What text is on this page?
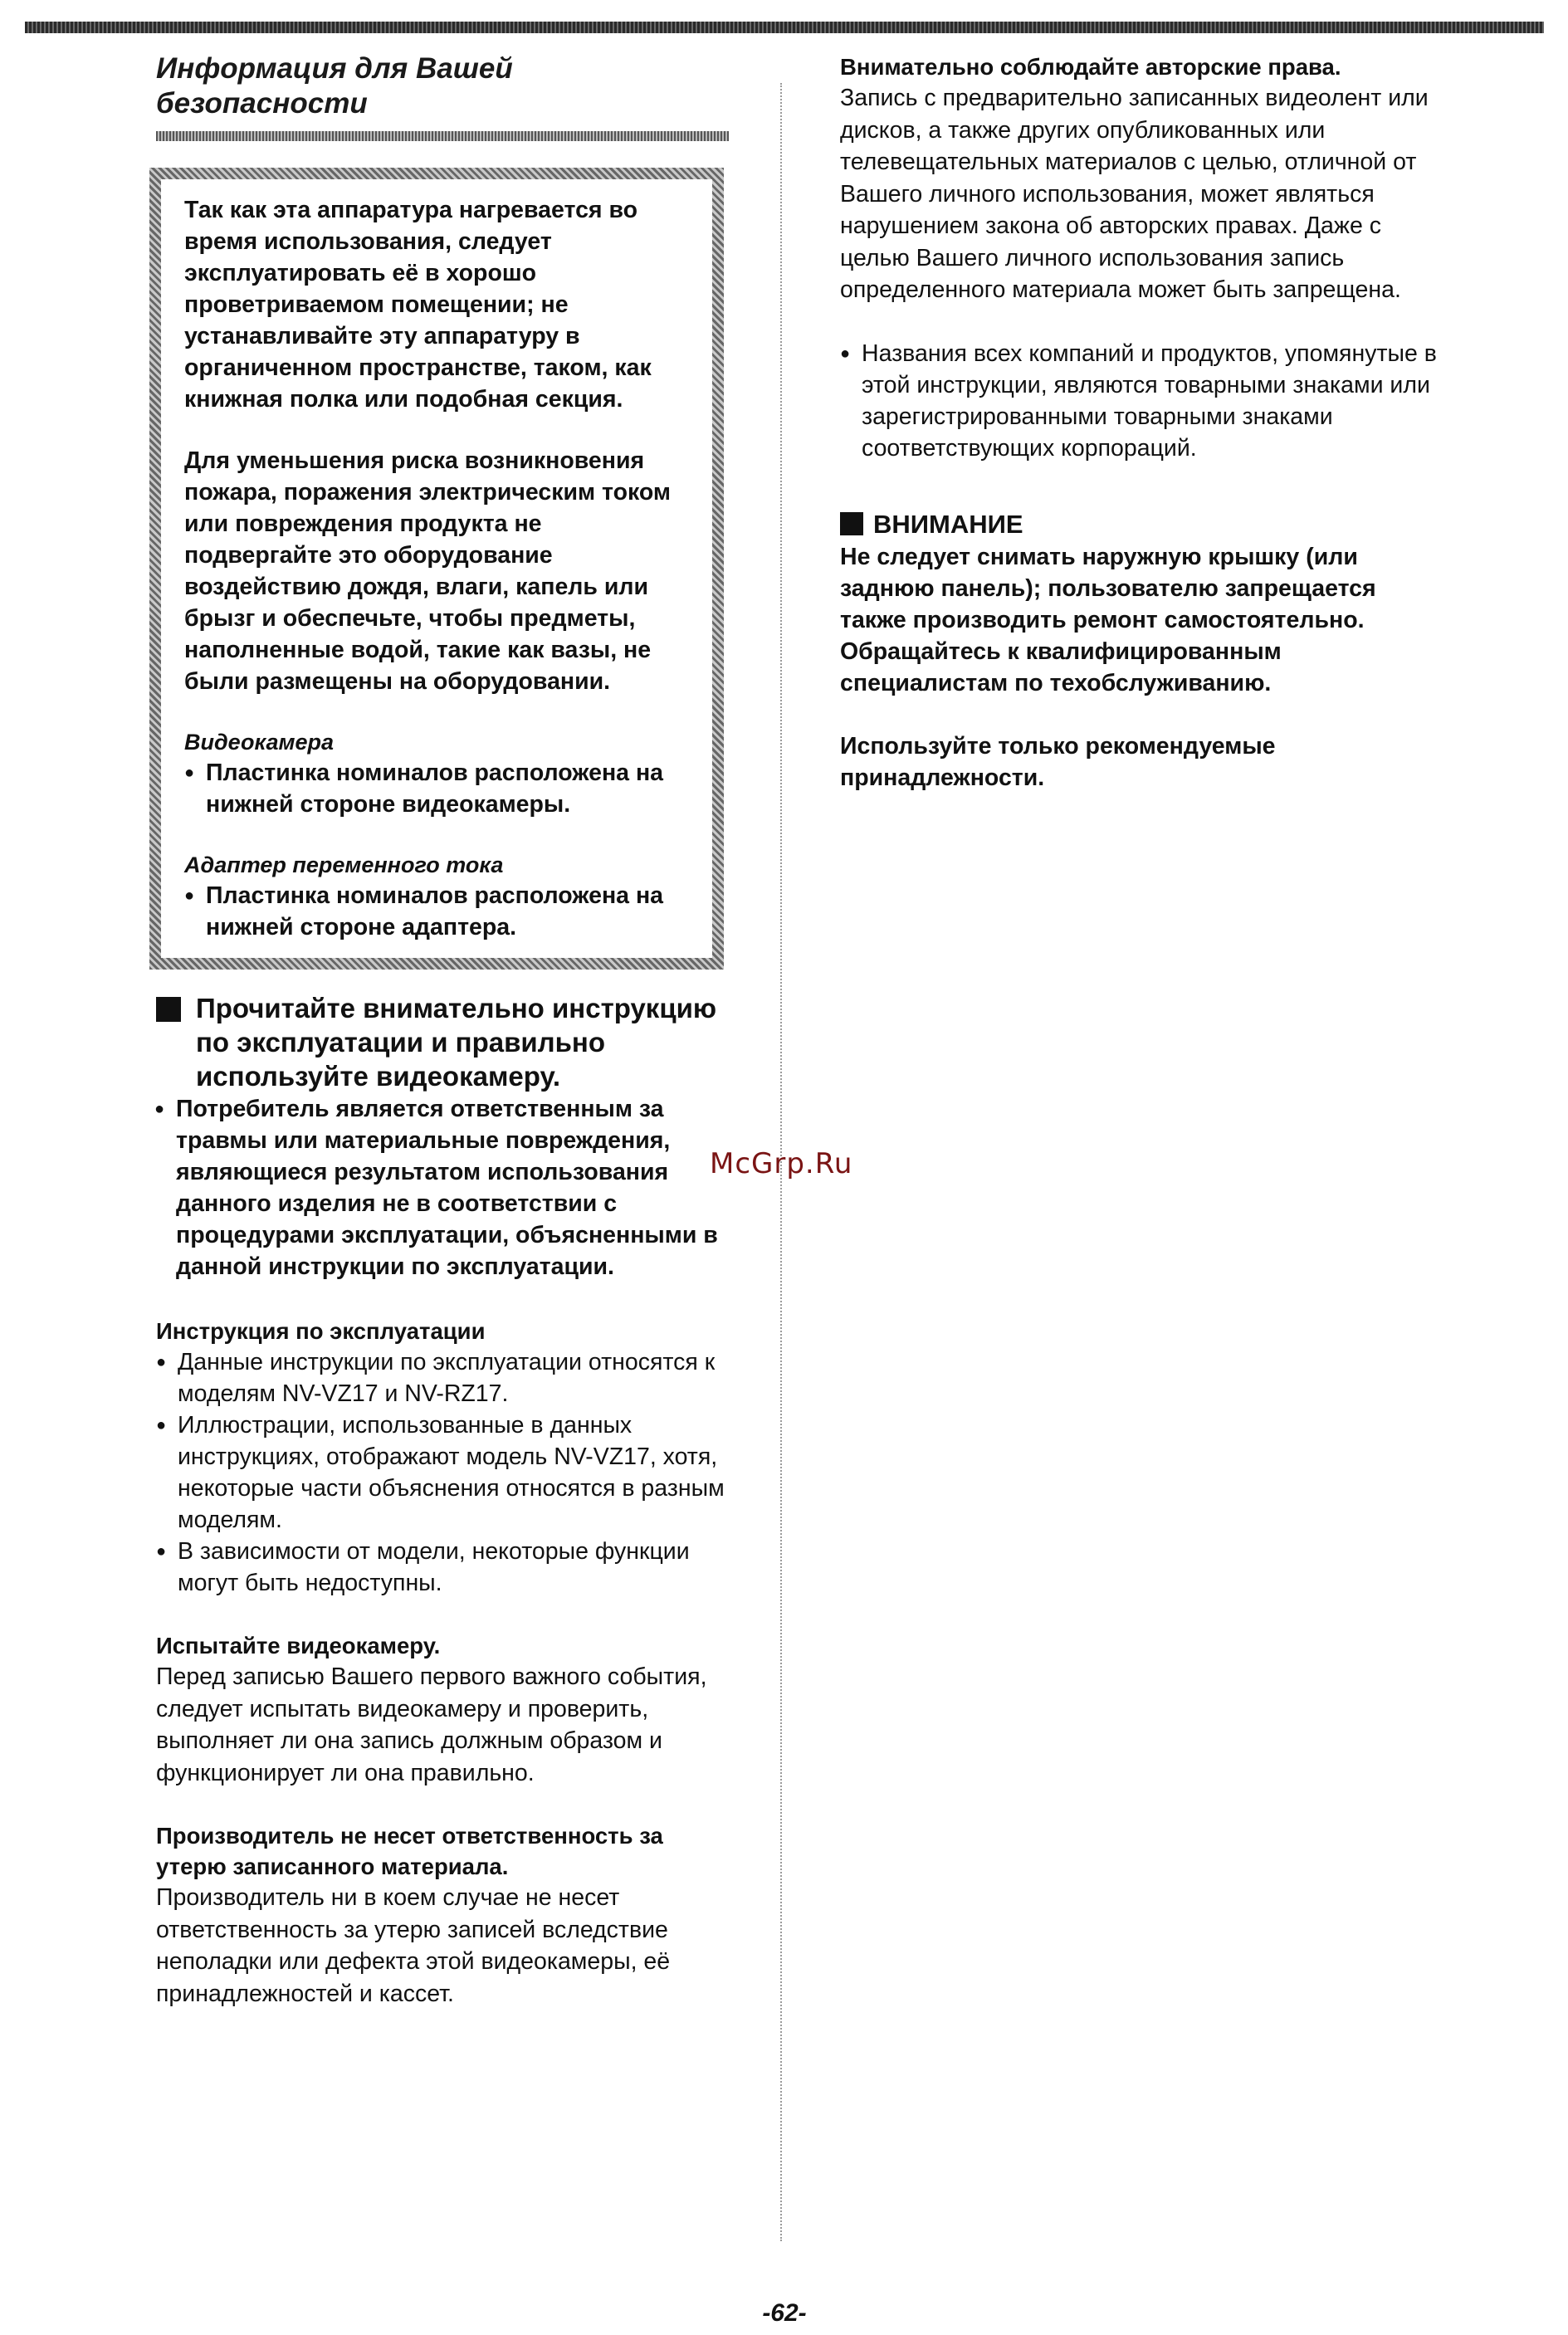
Информация для Вашей
безопасности

Так как эта аппаратура нагревается во время использования, следует эксплуатировать её в хорошо проветриваемом помещении; не устанавливайте эту аппаратуру в органиченном пространстве, таком, как книжная полка или подобная секция.

Для уменьшения риска возникновения пожара, поражения электрическим током или повреждения продукта не подвергайте это оборудование воздействию дождя, влаги, капель или брызг и обеспечьте, чтобы предметы, наполненные водой, такие как вазы, не были размещены на оборудовании.

Видеокамера

● Пластинка номиналов расположена на нижней стороне видеокамеры.

Адаптер переменного тока

● Пластинка номиналов расположена на нижней стороне адаптера.

Прочитайте внимательно инструкцию по эксплуатации и правильно используйте видеокамеру.

● Потребитель является ответственным за травмы или материальные повреждения, являющиеся результатом использования данного изделия не в соответствии с процедурами эксплуатации, объясненными в данной инструкции по эксплуатации.

Инструкция по эксплуатации

● Данные инструкции по эксплуатации относятся к моделям NV-VZ17 и NV-RZ17.

● Иллюстрации, использованные в данных инструкциях, отображают модель NV-VZ17, хотя, некоторые части объяснения относятся в разным моделям.

● В зависимости от модели, некоторые функции могут быть недоступны.

Испытайте видеокамеру.

Перед записью Вашего первого важного события, следует испытать видеокамеру и проверить, выполняет ли она запись должным образом и функционирует ли она правильно.

Производитель не несет ответственность за утерю записанного материала.

Производитель ни в коем случае не несет ответственность за утерю записей вследствие неполадки или дефекта этой видеокамеры, её принадлежностей и кассет.

Внимательно соблюдайте авторские права.

Запись с предварительно записанных видеолент или дисков, а также других опубликованных или телевещательных материалов с целью, отличной от Вашего личного использования, может являться нарушением закона об авторских правах. Даже с целью Вашего личного использования запись определенного материала может быть запрещена.

● Названия всех компаний и продуктов, упомянутые в этой инструкции, являются товарными знаками или зарегистрированными товарными знаками соответствующих корпораций.

ВНИМАНИЕ

Не следует снимать наружную крышку (или заднюю панель); пользователю запрещается также производить ремонт самостоятельно. Обращайтесь к квалифицированным специалистам по техобслуживанию.

Используйте только рекомендуемые принадлежности.

McGrp.Ru
-62-
